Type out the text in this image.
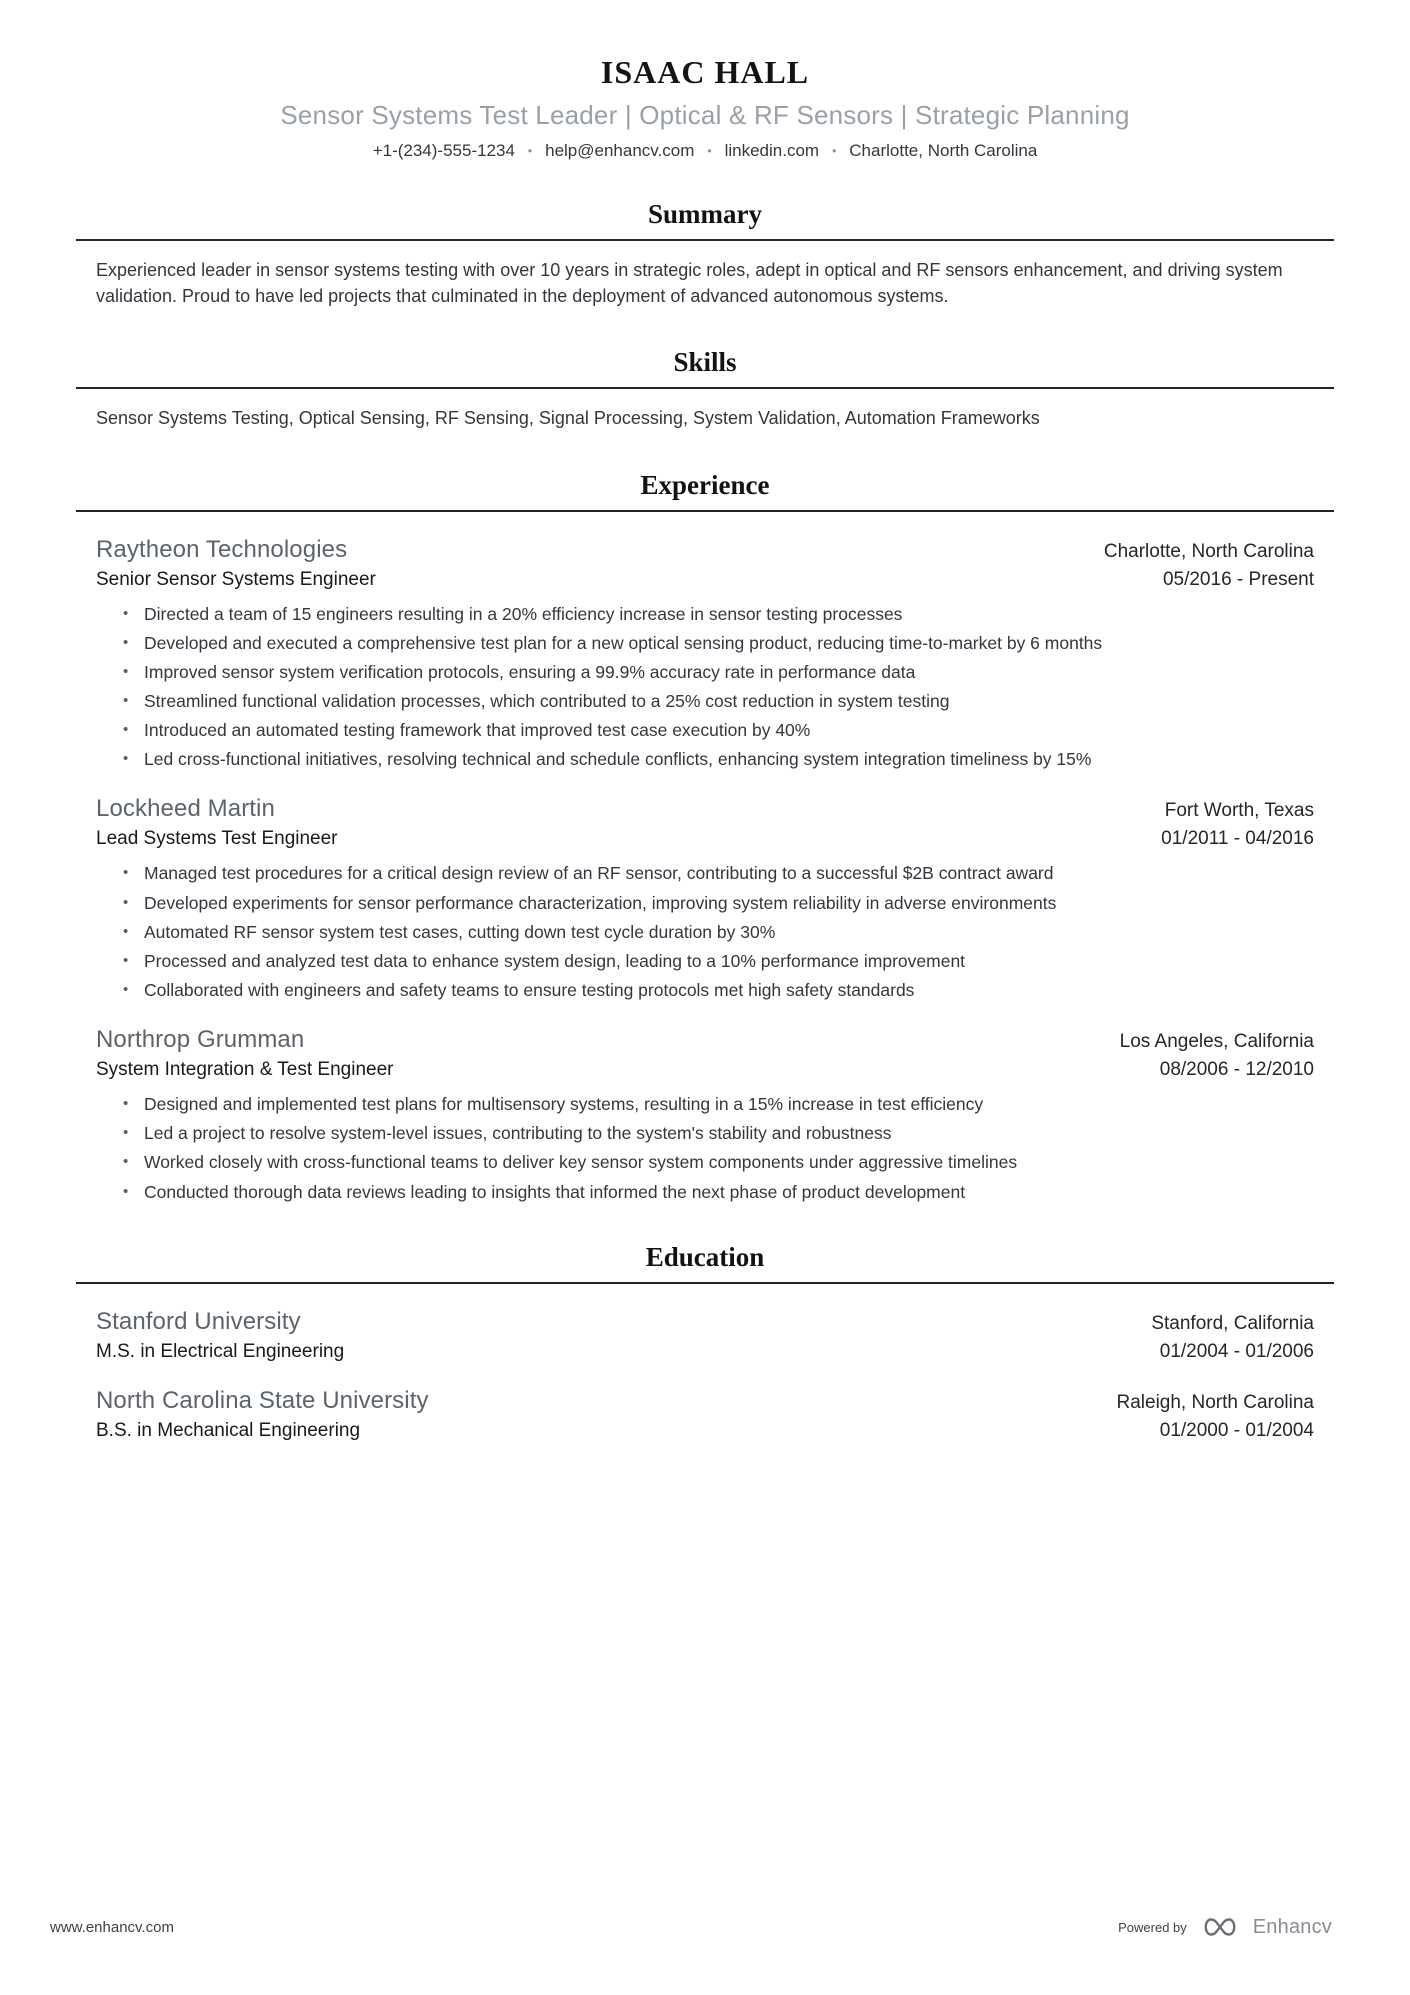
ISAAC HALL
Sensor Systems Test Leader | Optical & RF Sensors | Strategic Planning
+1-(234)-555-1234 • help@enhancv.com • linkedin.com • Charlotte, North Carolina
Summary

Experienced leader in sensor systems testing with over 10 years in strategic roles, adept in optical and RF sensors enhancement, and driving system validation. Proud to have led projects that culminated in the deployment of advanced autonomous systems.

Skills

Sensor Systems Testing, Optical Sensing, RF Sensing, Signal Processing, System Validation, Automation Frameworks

Experience
Raytheon Technologies	Charlotte, North Carolina
Senior Sensor Systems Engineer	05/2016 - Present
• Directed a team of 15 engineers resulting in a 20% efficiency increase in sensor testing processes
• Developed and executed a comprehensive test plan for a new optical sensing product, reducing time-to-market by 6 months
• Improved sensor system verification protocols, ensuring a 99.9% accuracy rate in performance data
• Streamlined functional validation processes, which contributed to a 25% cost reduction in system testing
• Introduced an automated testing framework that improved test case execution by 40%
• Led cross-functional initiatives, resolving technical and schedule conflicts, enhancing system integration timeliness by 15%
Lockheed Martin	Fort Worth, Texas
Lead Systems Test Engineer	01/2011 - 04/2016
• Managed test procedures for a critical design review of an RF sensor, contributing to a successful $2B contract award
• Developed experiments for sensor performance characterization, improving system reliability in adverse environments
• Automated RF sensor system test cases, cutting down test cycle duration by 30%
• Processed and analyzed test data to enhance system design, leading to a 10% performance improvement
• Collaborated with engineers and safety teams to ensure testing protocols met high safety standards
Northrop Grumman	Los Angeles, California
System Integration & Test Engineer	08/2006 - 12/2010
• Designed and implemented test plans for multisensory systems, resulting in a 15% increase in test efficiency
• Led a project to resolve system-level issues, contributing to the system's stability and robustness
• Worked closely with cross-functional teams to deliver key sensor system components under aggressive timelines
• Conducted thorough data reviews leading to insights that informed the next phase of product development
Education
Stanford University	Stanford, California
M.S. in Electrical Engineering	01/2004 - 01/2006
North Carolina State University	Raleigh, North Carolina
B.S. in Mechanical Engineering	01/2000 - 01/2004
www.enhancv.com	Powered by	Enhancv
